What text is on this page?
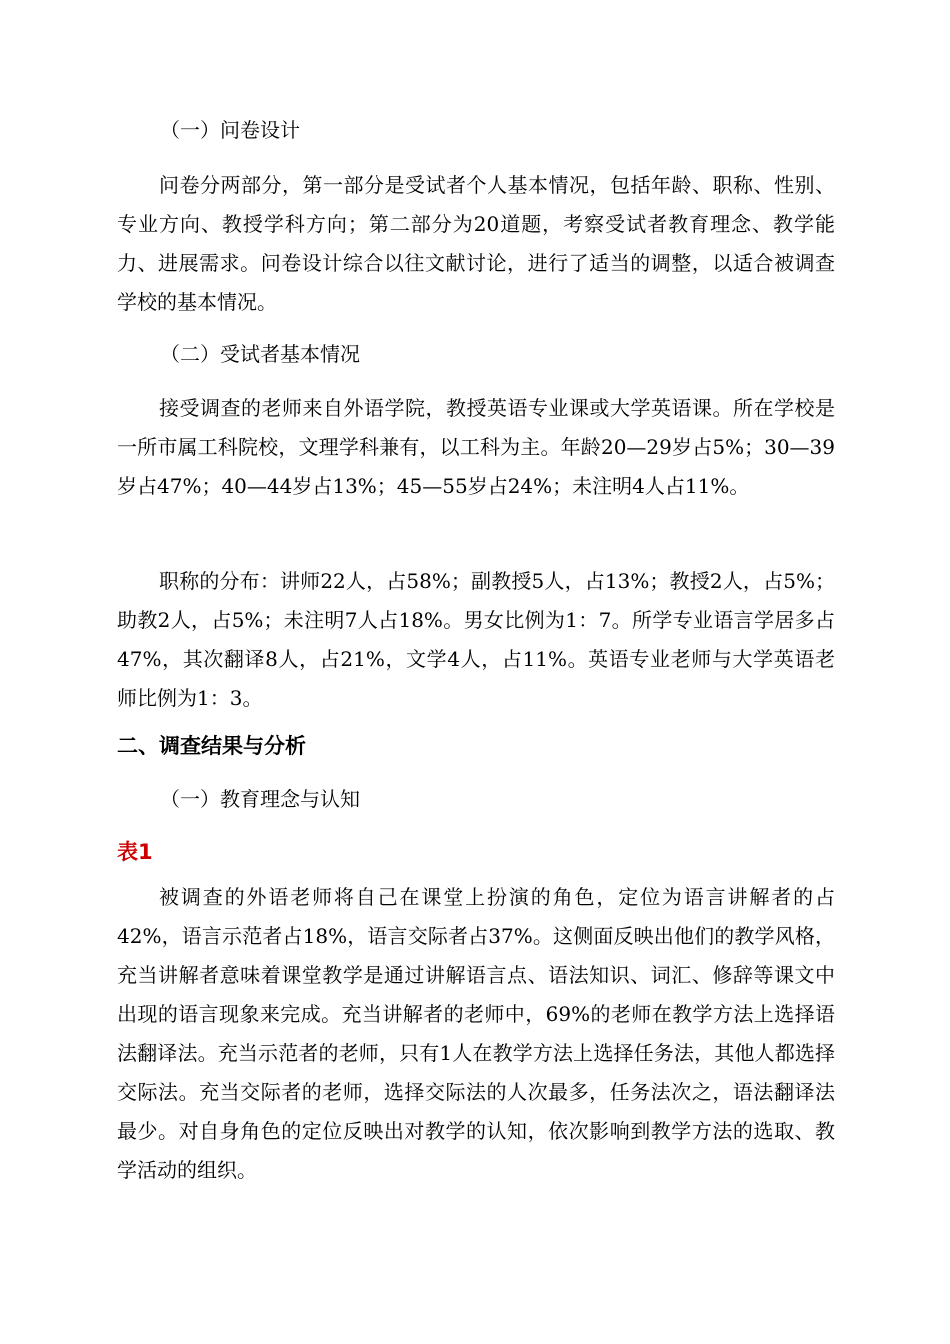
（一）问卷设计
问卷分两部分，第一部分是受试者个人基本情况，包括年龄、职称、性别、专业方向、教授学科方向；第二部分为20道题，考察受试者教育理念、教学能力、进展需求。问卷设计综合以往文献讨论，进行了适当的调整，以适合被调查学校的基本情况。
（二）受试者基本情况
接受调查的老师来自外语学院，教授英语专业课或大学英语课。所在学校是一所市属工科院校，文理学科兼有，以工科为主。年龄20—29岁占5%；30—39岁占47%；40—44岁占13%；45—55岁占24%；未注明4人占11%。
职称的分布：讲师22人，占58%；副教授5人，占13%；教授2人，占5%；助教2人，占5%；未注明7人占18%。男女比例为1：7。所学专业语言学居多占47%，其次翻译8人，占21%，文学4人，占11%。英语专业老师与大学英语老师比例为1：3。
二、调查结果与分析
（一）教育理念与认知
表1
被调查的外语老师将自己在课堂上扮演的角色，定位为语言讲解者的占42%，语言示范者占18%，语言交际者占37%。这侧面反映出他们的教学风格，充当讲解者意味着课堂教学是通过讲解语言点、语法知识、词汇、修辞等课文中出现的语言现象来完成。充当讲解者的老师中，69%的老师在教学方法上选择语法翻译法。充当示范者的老师，只有1人在教学方法上选择任务法，其他人都选择交际法。充当交际者的老师，选择交际法的人次最多，任务法次之，语法翻译法最少。对自身角色的定位反映出对教学的认知，依次影响到教学方法的选取、教学活动的组织。
